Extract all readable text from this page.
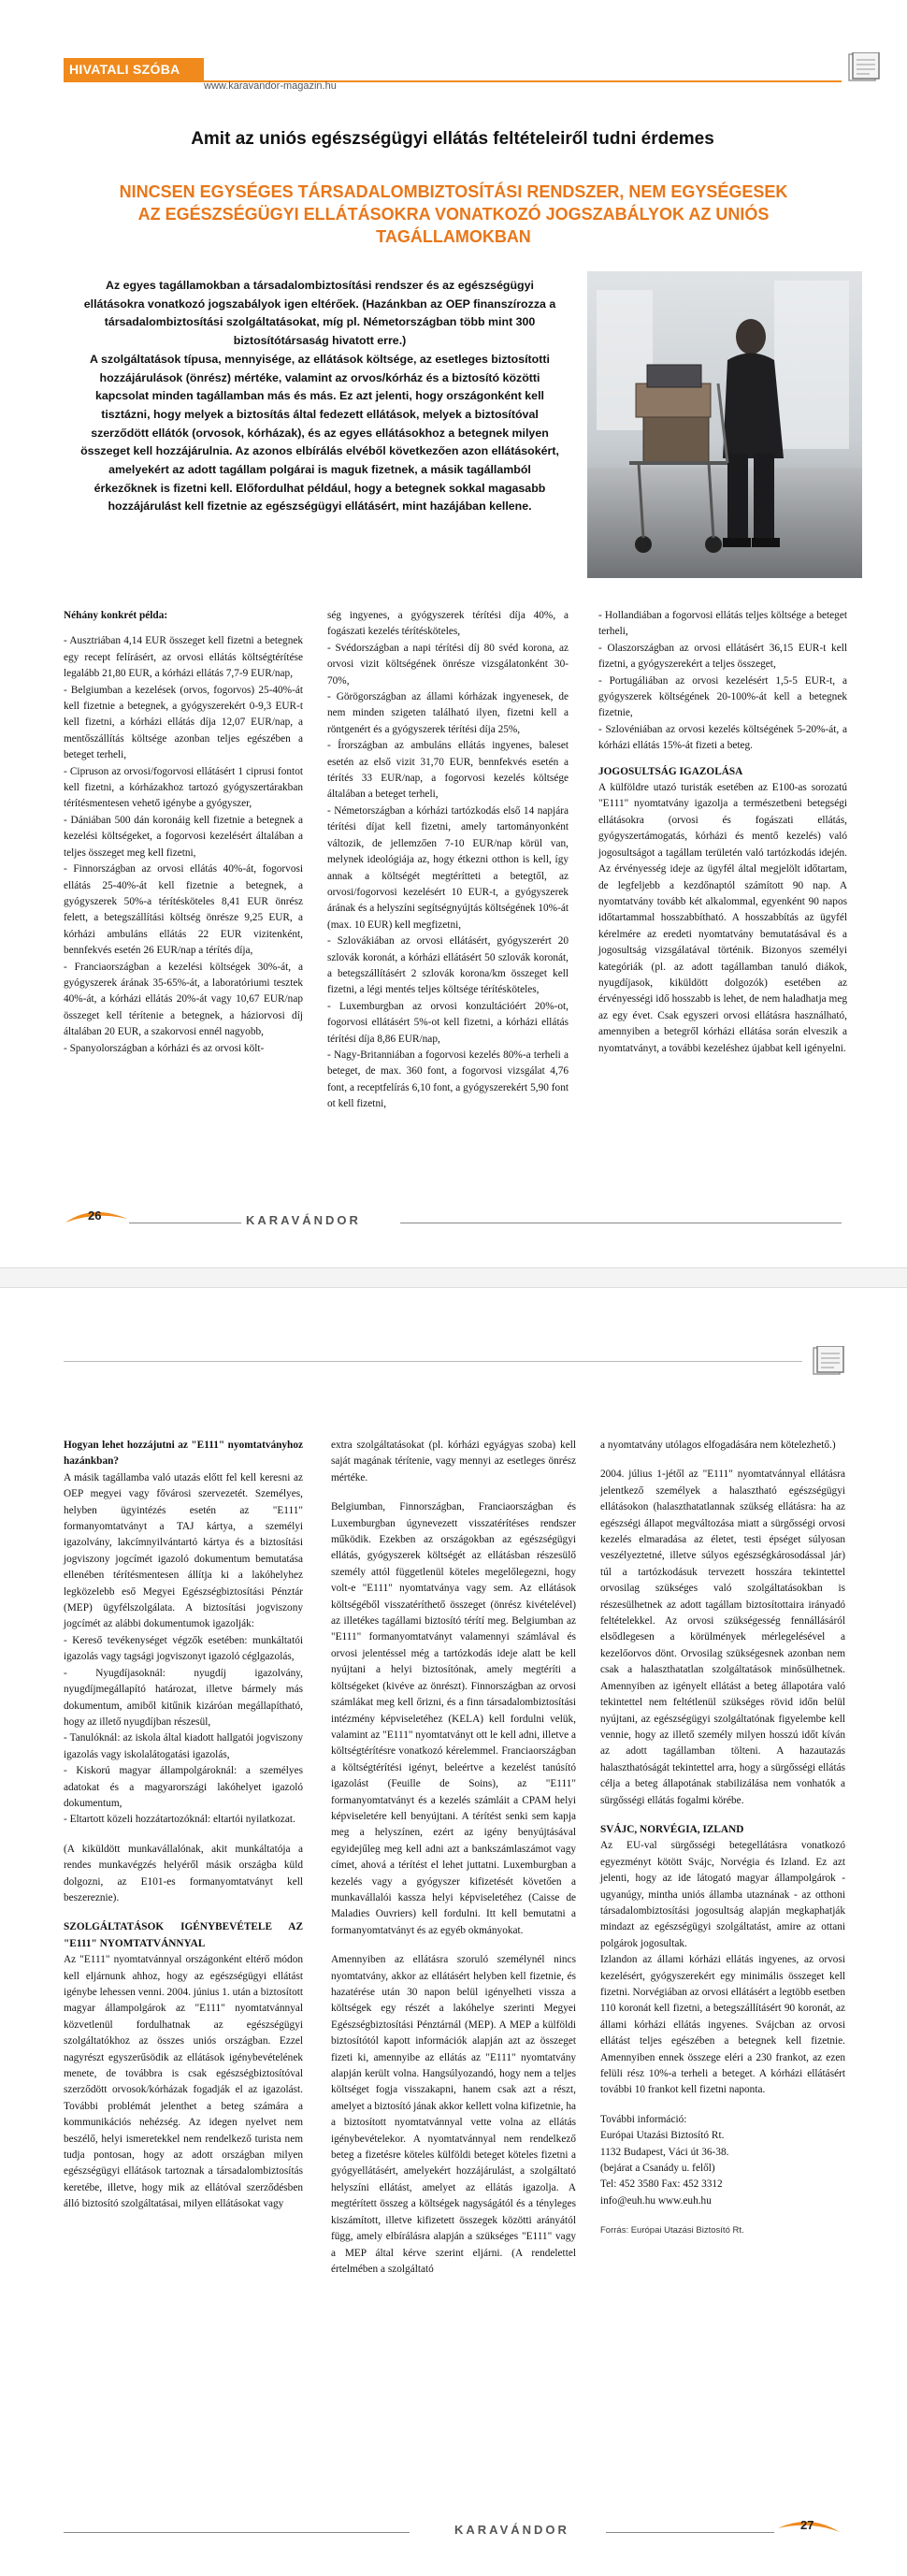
HIVATALI SZÓBA
www.karavandor-magazin.hu
Amit az uniós egészségügyi ellátás feltételeiről tudni érdemes
NINCSEN EGYSÉGES TÁRSADALOMBIZTOSÍTÁSI RENDSZER, NEM EGYSÉGESEK
AZ EGÉSZSÉGÜGYI ELLÁTÁSOKRA VONATKOZÓ JOGSZABÁLYOK AZ UNIÓS
TAGÁLLAMOKBAN

Az egyes tagállamokban a társadalombiztosítási rendszer és az egészségügyi

ellátásokra vonatkozó jogszabályok igen eltérőek. (Hazánkban az OEP finanszírozza a

társadalombiztosítási szolgáltatásokat, míg pl. Németországban több mint 300

biztosítótársaság hivatott erre.)

A szolgáltatások típusa, mennyisége, az ellátások költsége, az esetleges biztosítotti

hozzájárulások (önrész) mértéke, valamint az orvos/kórház és a biztosító közötti

kapcsolat minden tagállamban más és más. Ez azt jelenti, hogy országonként kell

tisztázni, hogy melyek a biztosítás által fedezett ellátások, melyek a biztosítóval

szerződött ellátók (orvosok, kórházak), és az egyes ellátásokhoz a betegnek milyen

összeget kell hozzájárulnia. Az azonos elbírálás elvéből következően azon ellátásokért,

amelyekért az adott tagállam polgárai is maguk fizetnek, a másik tagállamból

érkezőknek is fizetni kell. Előfordulhat például, hogy a betegnek sokkal magasabb

hozzájárulást kell fizetnie az egészségügyi ellátásért, mint hazájában kellene.

Néhány konkrét példa:

- Ausztriában 4,14 EUR összeget kell fizetni a betegnek egy recept felírásért, az orvosi ellátás költségtérítése legalább 21,80 EUR, a kórházi ellátás 7,7-9 EUR/nap,

- Belgiumban a kezelések (orvos, fogorvos) 25-40%-át kell fizetnie a betegnek, a gyógyszerekért 0-9,3 EUR-t kell fizetni, a kórházi ellátás díja 12,07 EUR/nap, a mentőszállítás költsége azonban teljes egészében a beteget terheli,

- Cipruson az orvosi/fogorvosi ellátásért 1 ciprusi fontot kell fizetni, a kórházakhoz tartozó gyógyszertárakban térítésmentesen vehető igénybe a gyógyszer,

- Dániában 500 dán koronáig kell fizetnie a betegnek a kezelési költségeket, a fogorvosi kezelésért általában a teljes összeget meg kell fizetni,

- Finnországban az orvosi ellátás 40%-át, fogorvosi ellátás 25-40%-át kell fizetnie a betegnek, a gyógyszerek 50%-a térítésköteles 8,41 EUR önrész felett, a betegszállítási költség önrésze 9,25 EUR, a kórházi ambuláns ellátás 22 EUR vizitenként, bennfekvés esetén 26 EUR/nap a térítés díja,

- Franciaországban a kezelési költségek 30%-át, a gyógyszerek árának 35-65%-át, a laboratóriumi tesztek 40%-át, a kórházi ellátás 20%-át vagy 10,67 EUR/nap összeget kell térítenie a betegnek, a háziorvosi díj általában 20 EUR, a szakorvosi ennél nagyobb,

- Spanyolországban a kórházi és az orvosi költ-

ség ingyenes, a gyógyszerek térítési díja 40%, a fogászati kezelés térítésköteles,

- Svédországban a napi térítési díj 80 svéd korona, az orvosi vizit költségének önrésze vizsgálatonként 30-70%,

- Görögországban az állami kórházak ingyenesek, de nem minden szigeten található ilyen, fizetni kell a röntgenért és a gyógyszerek térítési díja 25%,

- Írországban az ambuláns ellátás ingyenes, baleset esetén az első vizit 31,70 EUR, bennfekvés esetén a térítés 33 EUR/nap, a fogorvosi kezelés költsége általában a beteget terheli,

- Németországban a kórházi tartózkodás első 14 napjára térítési díjat kell fizetni, amely tartományonként változik, de jellemzően 7-10 EUR/nap körül van, melynek ideológiája az, hogy étkezni otthon is kell, így annak a költségét megtérítteti a betegtől, az orvosi/fogorvosi kezelésért 10 EUR-t, a gyógyszerek árának és a helyszíni segítségnyújtás költségének 10%-át (max. 10 EUR) kell megfizetni,

- Szlovákiában az orvosi ellátásért, gyógyszerért 20 szlovák koronát, a kórházi ellátásért 50 szlovák koronát, a betegszállításért 2 szlovák korona/km összeget kell fizetni, a légi mentés teljes költsége térítésköteles,

- Luxemburgban az orvosi konzultációért 20%-ot, fogorvosi ellátásért 5%-ot kell fizetni, a kórházi ellátás térítési díja 8,86 EUR/nap,

- Nagy-Britanniában a fogorvosi kezelés 80%-a terheli a beteget, de max. 360 font, a fogorvosi vizsgálat 4,76 font, a receptfelírás 6,10 font, a gyógyszerekért 5,90 font ot kell fizetni,

- Hollandiában a fogorvosi ellátás teljes költsége a beteget terheli,

- Olaszországban az orvosi ellátásért 36,15 EUR-t kell fizetni, a gyógyszerekért a teljes összeget,

- Portugáliában az orvosi kezelésért 1,5-5 EUR-t, a gyógyszerek költségének 20-100%-át kell a betegnek fizetnie,

- Szlovéniában az orvosi kezelés költségének 5-20%-át, a kórházi ellátás 15%-át fizeti a beteg.

JOGOSULTSÁG IGAZOLÁSA

A külföldre utazó turisták esetében az E100-as sorozatú "E111" nyomtatvány igazolja a természetbeni betegségi ellátásokra (orvosi és fogászati ellátás, gyógyszertámogatás, kórházi és mentő kezelés) való jogosultságot a tagállam területén való tartózkodás idején. Az érvényesség ideje az ügyfél által megjelölt időtartam, de legfeljebb a kezdőnaptól számított 90 nap. A nyomtatvány tovább két alkalommal, egyenként 90 napos időtartammal hosszabbítható. A hosszabbítás az ügyfél kérelmére az eredeti nyomtatvány bemutatásával és a jogosultság vizsgálatával történik. Bizonyos személyi kategóriák (pl. az adott tagállamban tanuló diákok, nyugdíjasok, kiküldött dolgozók) esetében az érvényességi idő hosszabb is lehet, de nem haladhatja meg az egy évet. Csak egyszeri orvosi ellátásra használható, amennyiben a betegről kórházi ellátása során elveszik a nyomtatványt, a további kezeléshez újabbat kell igényelni.

26	KARAVÁNDOR

Hogyan lehet hozzájutni az "E111" nyomtatványhoz hazánkban?

A másik tagállamba való utazás előtt fel kell keresni az OEP megyei vagy fővárosi szervezetét. Személyes, helyben ügyintézés esetén az "E111" formanyomtatványt a TAJ kártya, a személyi igazolvány, lakcímnyilvántartó kártya és a biztosítási jogviszony jogcímét igazoló dokumentum bemutatása ellenében térítésmentesen állítja ki a lakóhelyhez legközelebb eső Megyei Egészségbiztosítási Pénztár (MEP) ügyfélszolgálata. A biztosítási jogviszony jogcímét az alábbi dokumentumok igazolják:

- Kereső tevékenységet végzők esetében: munkáltatói igazolás vagy tagsági jogviszonyt igazoló céglgazolás,

- Nyugdíjasoknál: nyugdíj igazolvány, nyugdíjmegállapító határozat, illetve bármely más dokumentum, amiből kitűnik kizáróan megállapítható, hogy az illető nyugdíjban részesül,

- Tanulóknál: az iskola által kiadott hallgatói jogviszony igazolás vagy iskolalátogatási igazolás,

- Kiskorú magyar állampolgároknál: a személyes adatokat és a magyarországi lakóhelyet igazoló dokumentum,

- Eltartott közeli hozzátartozóknál: eltartói nyilatkozat.

(A kiküldött munkavállalónak, akit munkáltatója a rendes munkavégzés helyéről másik országba küld dolgozni, az E101-es formanyomtatványt kell beszereznie).

SZOLGÁLTATÁSOK IGÉNYBEVÉTELE AZ "E111" NYOMTATVÁNNYAL

Az "E111" nyomtatvánnyal országonként eltérő módon kell eljárnunk ahhoz, hogy az egészségügyi ellátást igénybe lehessen venni. 2004. június 1. után a biztosított magyar állampolgárok az "E111" nyomtatvánnyal közvetlenül fordulhatnak az egészségügyi szolgáltatókhoz az összes uniós országban. Ezzel nagyrészt egyszerűsödik az ellátások igénybevételének menete, de továbbra is csak egészségbiztosítóval szerződött orvosok/kórházak fogadják el az igazolást. További problémát jelenthet a beteg számára a kommunikációs nehézség. Az idegen nyelvet nem beszélő, helyi ismeretekkel nem rendelkező turista nem tudja pontosan, hogy az adott országban milyen egészségügyi ellátások tartoznak a társadalombiztosítás keretébe, illetve, hogy mik az ellátóval szerződésben álló biztosító szolgáltatásai, milyen ellátásokat vagy

extra szolgáltatásokat (pl. kórházi egyágyas szoba) kell saját magának térítenie, vagy mennyi az esetleges önrész mértéke.

Belgiumban, Finnországban, Franciaországban és Luxemburgban úgynevezett visszatérítéses rendszer működik. Ezekben az országokban az egészségügyi ellátás, gyógyszerek költségét az ellátásban részesülő személy attól függetlenül köteles megelőlegezni, hogy volt-e "E111" nyomtatványa vagy sem. Az ellátások költségéből visszatéríthető összeget (önrész kivételével) az illetékes tagállami biztosító térítí meg. Belgiumban az "E111" formanyomtatványt valamennyi számlával és orvosi jelentéssel még a tartózkodás ideje alatt be kell nyújtani a helyi biztosítónak, amely megtéríti a költségeket (kivéve az önrészt). Finnországban az orvosi számlákat meg kell őrizni, és a finn társadalombiztosítási intézmény képviseletéhez (KELA) kell fordulni velük, valamint az "E111" nyomtatványt ott le kell adni, illetve a költségtérítésre vonatkozó kérelemmel. Franciaországban a költségtérítési igényt, beleértve a kezelést tanúsító igazolást (Feuille de Soins), az "E111" formanyomtatványt és a kezelés számláit a CPAM helyi képviseletére kell benyújtani. A térítést senki sem kapja meg a helyszínen, ezért az igény benyújtásával egyidejűleg meg kell adni azt a bankszámlaszámot vagy címet, ahová a térítést el lehet juttatni. Luxemburgban a kezelés vagy a gyógyszer kifizetését követően a munkavállalói kassza helyi képviseletéhez (Caisse de Maladies Ouvriers) kell fordulni. Itt kell bemutatni a formanyomtatványt és az egyéb okmányokat.

Amennyiben az ellátásra szoruló személynél nincs nyomtatvány, akkor az ellátásért helyben kell fizetnie, és hazatérése után 30 napon belül igényelheti vissza a költségek egy részét a lakóhelye szerinti Megyei Egészségbiztosítási Pénztárnál (MEP). A MEP a külföldi biztosítótól kapott információk alapján azt az összeget fizeti ki, amennyibe az ellátás az "E111" nyomtatvány alapján került volna. Hangsúlyozandó, hogy nem a teljes költséget fogja visszakapni, hanem csak azt a részt, amelyet a biztosító jának akkor kellett volna kifizetnie, ha a biztosított nyomtatvánnyal vette volna az ellátás igénybevételekor. A nyomtatvánnyal nem rendelkező beteg a fizetésre köteles külföldi beteget köteles fizetni a gyógyellátásért, amelyekért hozzájárulást, a szolgáltató helyszíni ellátást, amelyet az ellátás igazolja. A megtérített összeg a költségek nagyságától és a tényleges kiszámított, illetve kifizetett összegek közötti arányától függ, amely elbírálásra alapján a szükséges "E111" vagy a MEP által kérve szerint eljárni. (A rendelettel értelmében a szolgáltató

a nyomtatvány utólagos elfogadására nem kötelezhető.)

2004. július 1-jétől az "E111" nyomtatvánnyal ellátásra jelentkező személyek a halasztható egészségügyi ellátásokon (halaszthatatlannak szükség ellátásra: ha az egészségi állapot megváltozása miatt a sürgősségi orvosi kezelés elmaradása az életet, testi épséget súlyosan veszélyeztetné, illetve súlyos egészségkárosodással jár) túl a tartózkodásuk tervezett hosszára tekintettel orvosilag szükséges való szolgáltatásokban is részesülhetnek az adott tagállam biztosítottaira irányadó feltételekkel. Az orvosi szükségesség fennállásáról elsődlegesen a körülmények mérlegelésével a kezelőorvos dönt. Orvosilag szükségesnek azonban nem csak a halaszthatatlan szolgáltatások minősülhetnek. Amennyiben az igényelt ellátást a beteg állapotára való tekintettel nem feltétlenül szükséges rövid időn belül nyújtani, az egészségügyi szolgáltatónak figyelembe kell vennie, hogy az illető személy milyen hosszú időt kíván az adott tagállamban tölteni. A hazautazás halaszthatóságát tekintettel arra, hogy a sürgősségi ellátás célja a beteg állapotának stabilizálása nem vonhatók a sürgősségi ellátás fogalmi körébe.

SVÁJC, NORVÉGIA, IZLAND

Az EU-val sürgősségi betegellátásra vonatkozó egyezményt kötött Svájc, Norvégia és Izland. Ez azt jelenti, hogy az ide látogató magyar állampolgárok - ugyanúgy, mintha uniós államba utaznának - az otthoni társadalombiztosítási jogosultság alapján megkaphatják mindazt az egészségügyi szolgáltatást, amire az ottani polgárok jogosultak.

Izlandon az állami kórházi ellátás ingyenes, az orvosi kezelésért, gyógyszerekért egy minimális összeget kell fizetni. Norvégiában az orvosi ellátásért a legtöbb esetben 110 koronát kell fizetni, a betegszállításért 90 koronát, az állami kórházi ellátás ingyenes. Svájcban az orvosi ellátást teljes egészében a betegnek kell fizetnie. Amennyiben ennek összege eléri a 230 frankot, az ezen felüli rész 10%-a terheli a beteget. A kórházi ellátásért további 10 frankot kell fizetni naponta.

További információ:

Európai Utazási Biztosító Rt.

1132 Budapest, Váci út 36-38.

(bejárat a Csanády u. felől)

Tel: 452 3580 Fax: 452 3312

info@euh.hu www.euh.hu

Forrás: Európai Utazási Biztosító Rt.
KARAVÁNDOR	27
